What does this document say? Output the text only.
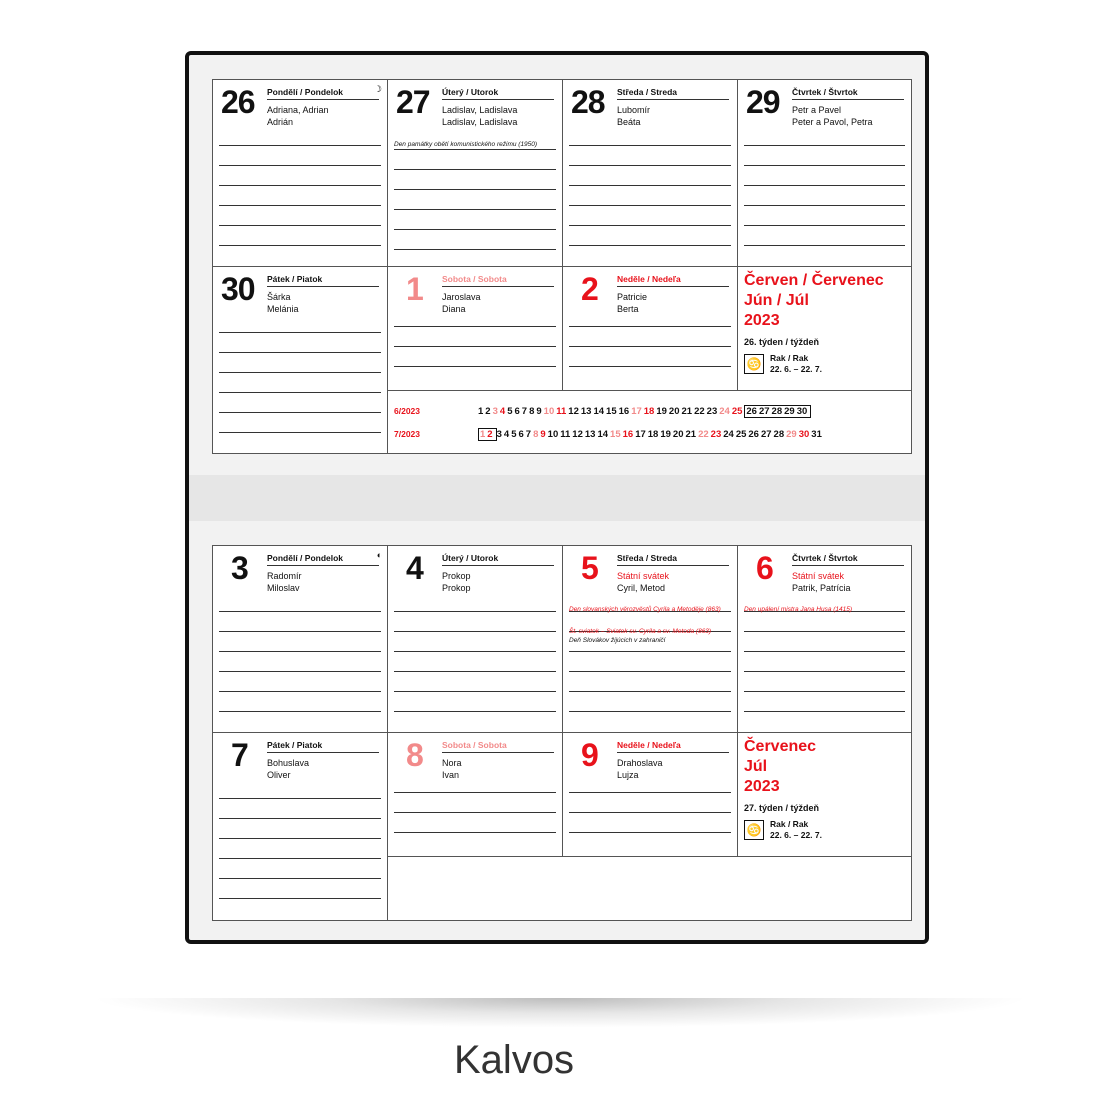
26 Pondělí / Pondelok	☽
Adriana, Adrian
Adrián
27 Úterý / Utorok
Ladislav, Ladislava
Ladislav, Ladislava
Den památky obětí komunistického režimu (1950)
28 Středa / Streda
Lubomír
Beáta
29 Čtvrtek / Štvrtok
Petr a Pavel
Peter a Pavol, Petra
30 Pátek / Piatok
Šárka
Melánia
1 Sobota / Sobota
Jaroslava
Diana
2 Neděle / Nedeľa
Patricie
Berta
Červen / Červenec
Jún / Júl
2023
26. týden / týždeň
♋ Rak / Rak
22. 6. – 22. 7.
6/2023	1 2 3 4 5 6 7 8 9 10 11 12 13 14 15 16 17 18 19 20 21 22 23 24 25 26 27 28 29 30
7/2023	1 2 3 4 5 6 7 8 9 10 11 12 13 14 15 16 17 18 19 20 21 22 23 24 25 26 27 28 29 30 31
3 Pondělí / Pondelok	◐
Radomír
Miloslav
4 Úterý / Utorok
Prokop
Prokop
5 Středa / Streda
Státní svátek
Cyril, Metod
Den slovanských věrozvěstů Cyrila a Metoděje (863)
Št. sviatok – Sviatok sv. Cyrila a sv. Metoda (863)
Deň Slovákov žijúcich v zahraničí
6 Čtvrtek / Štvrtok
Státní svátek
Patrik, Patrícia
Den upálení mistra Jana Husa (1415)
7 Pátek / Piatok
Bohuslava
Oliver
8 Sobota / Sobota
Nora
Ivan
9 Neděle / Nedeľa
Drahoslava
Lujza
Červenec
Júl
2023
27. týden / týždeň
♋ Rak / Rak
22. 6. – 22. 7.
Kalvos.cz
